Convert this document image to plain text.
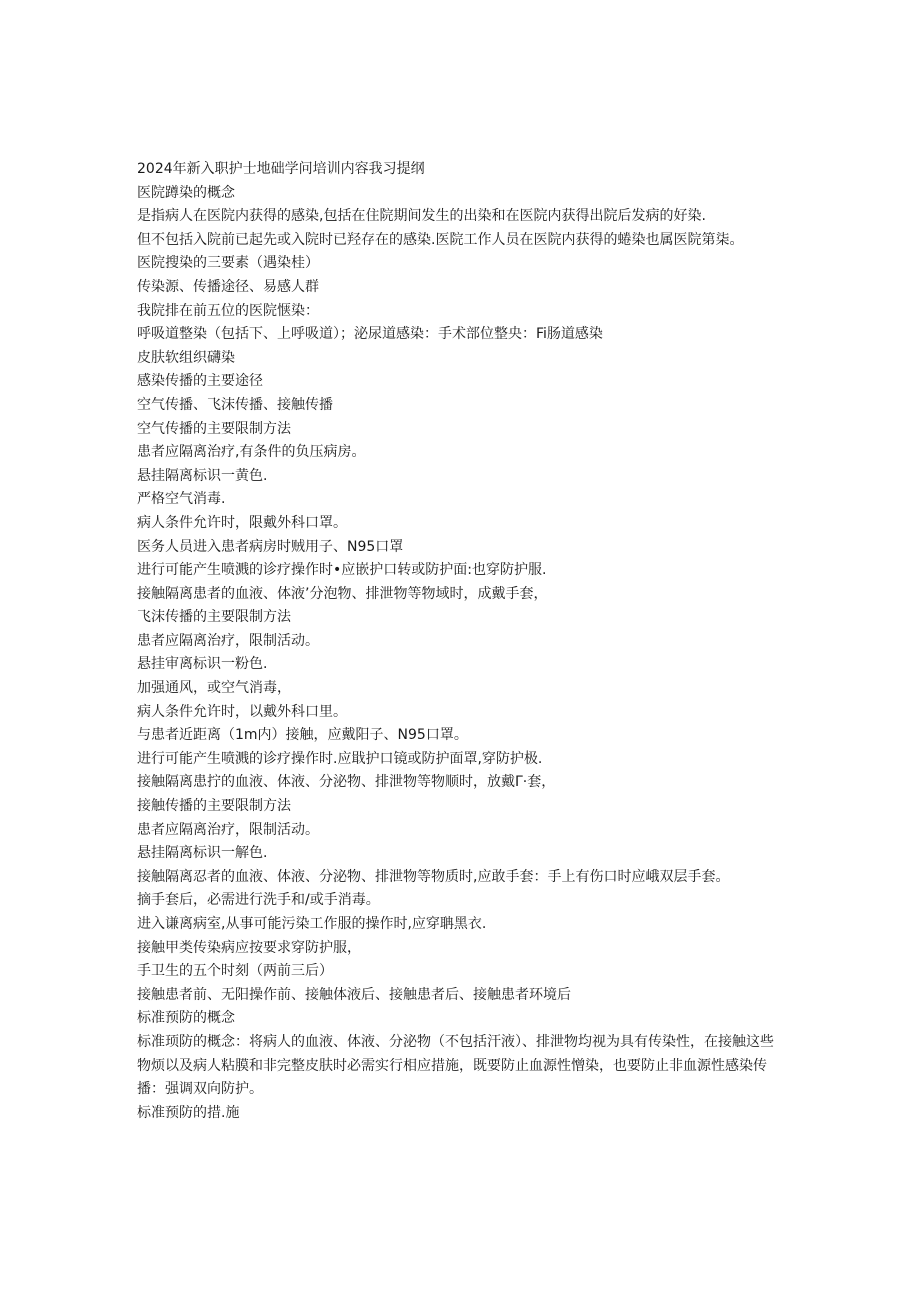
2024年新入职护士地础学问培训内容我习提纲

医院蹲染的概念

是指病人在医院内获得的感染,包括在住院期间发生的出染和在医院内获得出院后发病的好染.

但不包括入院前已起先或入院时已羟存在的感染.医院工作人员在医院内获得的蜷染也属医院第柒。

医院搜染的三要素（遇染桂）

传染源、传播途径、易感人群

我院排在前五位的医院惬染：

呼吸道整染（包括下、上呼吸道）；泌尿道感染：手术部位整央：Fi肠道感染

皮肤软组织礴染

感染传播的主要途径

空气传播、飞沫传播、接触传播

空气传播的主要限制方法

患者应隔离治疗,有条件的负压病房。

悬挂隔离标识一黄色.

严格空气消毒.

病人条件允许时，限戴外科口罩。

医务人员进入患者病房时贼用子、N95口罩

进行可能产生喷溅的诊疗操作时•应嵌护口转或防护面:也穿防护服.

接触隔离患者的血液、体液’分泡物、排泄物等物域时，成戴手套，

飞沫传播的主要限制方法

患者应隔离治疗，限制活动。

悬挂审离标识一粉色.

加强通风，或空气消毒，

病人条件允许时，以戴外科口里。

与患者近距离（1m内）接触，应戴阳子、N95口罩。

进行可能产生喷溅的诊疗操作时.应戢护口镜或防护面罩,穿防护极.

接触隔离患拧的血液、体液、分泌物、排泄物等物顺时，放戴Γ·套，

接触传播的主要限制方法

患者应隔离治疗，限制活动。

悬挂隔离标识一解色.

接触隔离忍者的血液、体液、分泌物、排泄物等物质时,应敢手套：手上有伤口时应峨双层手套。

摘手套后，必需进行洗手和/或手消毒。

进入谦离病室,从事可能污染工作服的操作时,应穿聃黑衣.

接触甲类传染病应按要求穿防护服，

手卫生的五个时刻（两前三后）

接触患者前、无阳操作前、接触体液后、接触患者后、接触患者环境后

标准预防的概念

标准顼防的概念：将病人的血液、体液、分泌物（不包括汗液）、排泄物均视为具有传染性，在接触这些物烦以及病人粘膜和非完整皮肤时必需实行相应措施，既要防止血源性憎染，也要防止非血源性感染传播：强调双向防护。

标准预防的措.施
